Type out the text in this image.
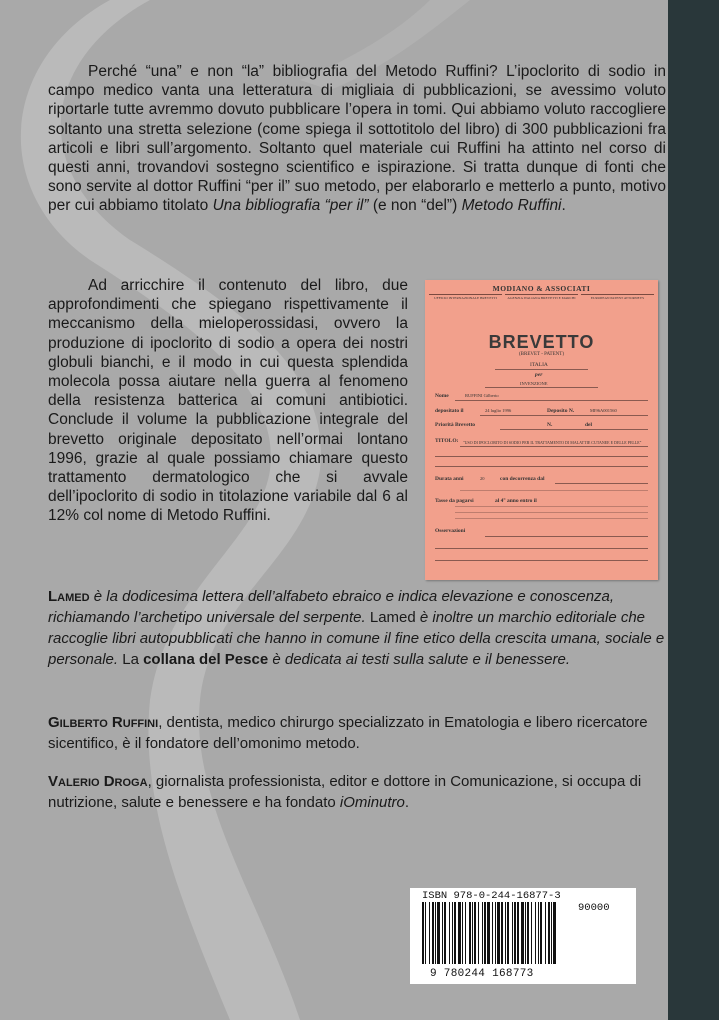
Perché “una” e non “la” bibliografia del Metodo Ruffini? L’ipoclorito di sodio in campo medico vanta una letteratura di migliaia di pubblicazioni, se avessimo voluto riportarle tutte avremmo dovuto pubblicare l’opera in tomi. Qui abbiamo voluto raccogliere soltanto una stretta selezione (come spiega il sottotitolo del libro) di 300 pubblicazioni fra articoli e libri sull’argomento. Soltanto quel materiale cui Ruffini ha attinto nel corso di questi anni, trovandovi sostegno scientifico e ispirazione. Si tratta dunque di fonti che sono servite al dottor Ruffini “per il” suo metodo, per elaborarlo e metterlo a punto, motivo per cui abbiamo titolato Una bibliografia “per il” (e non “del”) Metodo Ruffini.
Ad arricchire il contenuto del libro, due approfondimenti che spiegano rispettivamente il meccanismo della mieloperossidasi, ovvero la produzione di ipoclorito di sodio a opera dei nostri globuli bianchi, e il modo in cui questa splendida molecola possa aiutare nella guerra al fenomeno della resistenza batterica ai comuni antibiotici. Conclude il volume la pubblicazione integrale del brevetto originale depositato nell’ormai lontano 1996, grazie al quale possiamo chiamare questo trattamento dermatologico che si avvale dell’ipoclorito di sodio in titolazione variabile dal 6 al 12% col nome di Metodo Ruffini.
MODIANO & ASSOCIATI
UFFICIO INTERNAZIONALE BREVETTI	AGENZIA ITALIANA BREVETTI E MARCHI	EUROPEAN PATENT ATTORNEYS
BREVETTO
(BREVET - PATENT)
ITALIA
per
INVENZIONE
Nome	RUFFINI Gilberto
depositato il	24 luglio 1996	Deposito N.	MI96A001560
Priorità Brevetto	N.	del
TITOLO: "USO DI IPOCLORITO DI SODIO PER IL TRATTAMENTO DI MALATTIE CUTANEE E DELLE PELLE"
Durata anni	20	con decorrenza dal
Tasse da pagarsi	al 4° anno entro il
Osservazioni
Lamed è la dodicesima lettera dell’alfabeto ebraico e indica elevazione e conoscenza, richiamando l’archetipo universale del serpente. Lamed è inoltre un marchio editoriale che raccoglie libri autopubblicati che hanno in comune il fine etico della crescita umana, sociale e personale. La collana del Pesce è dedicata ai testi sulla salute e il benessere.
Gilberto Ruffini, dentista, medico chirurgo specializzato in Ematologia e libero ricercatore sicentifico, è il fondatore dell’omonimo metodo.
Valerio Droga, giornalista professionista, editor e dottore in Comunicazione, si occupa di nutrizione, salute e benessere e ha fondato iOminutro.
ISBN 978-0-244-16877-3
90000
9 780244 168773
